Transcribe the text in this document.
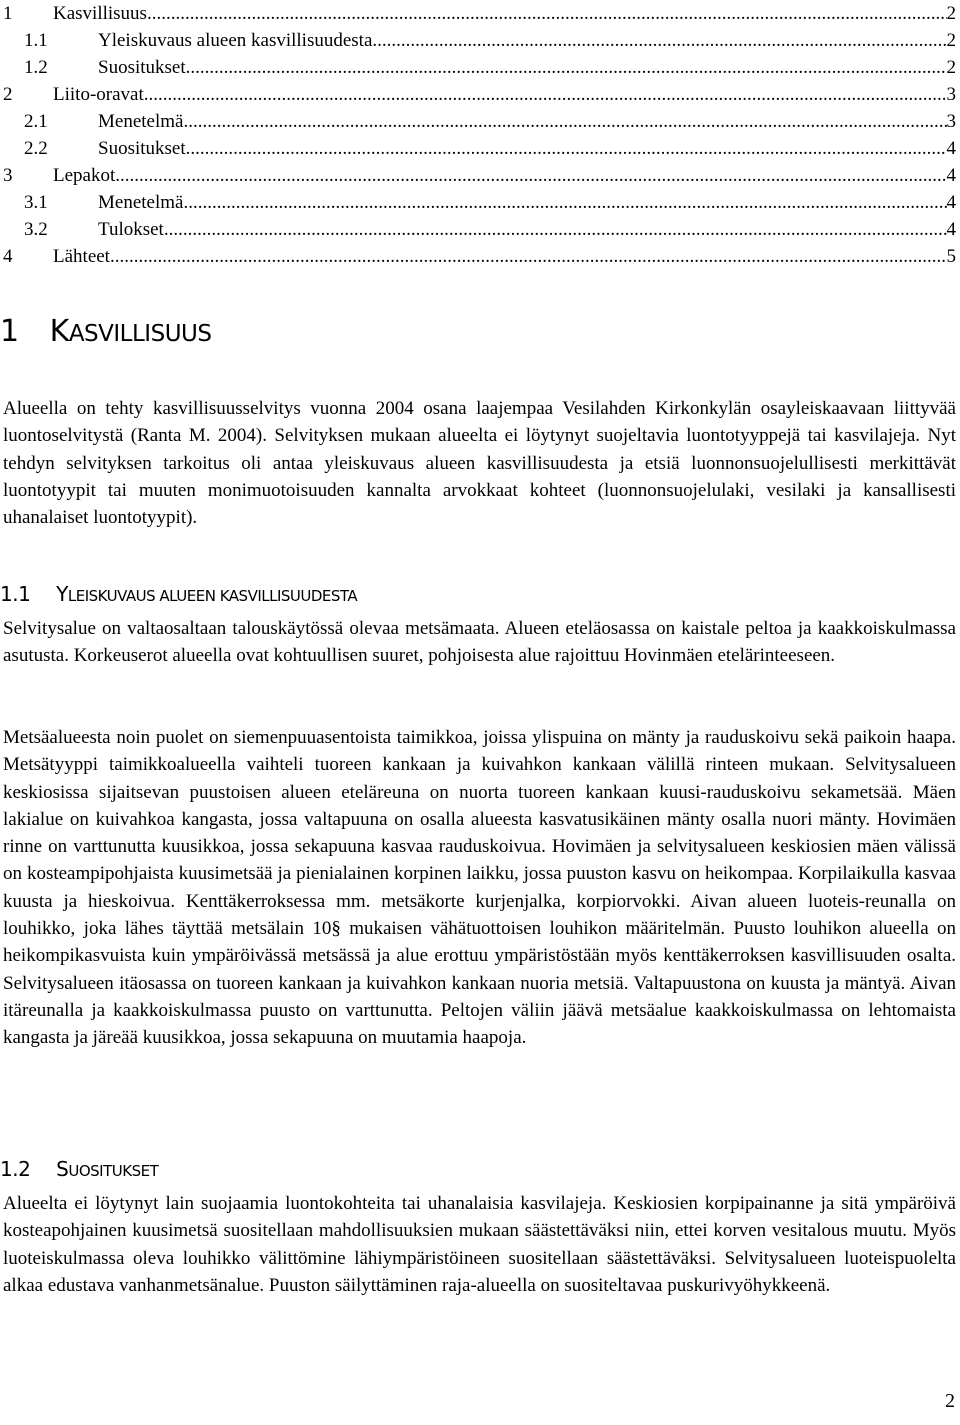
1	Kasvillisuus .....	2
1.1	Yleiskuvaus alueen kasvillisuudesta .....	2
1.2	Suositukset .....	2
2	Liito-oravat .....	3
2.1	Menetelmä .....	3
2.2	Suositukset .....	4
3	Lepakot .....	4
3.1	Menetelmä .....	4
3.2	Tulokset .....	4
4	Lähteet .....	5
1 KASVILLISUUS

Alueella on tehty kasvillisuusselvitys vuonna 2004 osana laajempaa Vesilahden Kirkonkylän osayleiskaavaan liittyvää luontoselvitystä (Ranta M. 2004). Selvityksen mukaan alueelta ei löytynyt suojeltavia luontotyyppejä tai kasvilajeja. Nyt tehdyn selvityksen tarkoitus oli antaa yleiskuvaus alueen kasvillisuudesta ja etsiä luonnonsuojelullisesti merkittävät luontotyypit tai muuten monimuotoisuuden kannalta arvokkaat kohteet (luonnonsuojelulaki, vesilaki ja kansallisesti uhanalaiset luontotyypit).

1.1 YLEISKUVAUS ALUEEN KASVILLISUUDESTA

Selvitysalue on valtaosaltaan talouskäytössä olevaa metsämaata. Alueen eteläosassa on kaistale peltoa ja kaakkoiskulmassa asutusta. Korkeuserot alueella ovat kohtuullisen suuret, pohjoisesta alue rajoittuu Hovinmäen etelärinteeseen.

Metsäalueesta noin puolet on siemenpuuasentoista taimikkoa, joissa ylispuina on mänty ja rauduskoivu sekä paikoin haapa. Metsätyyppi taimikkoalueella vaihteli tuoreen kankaan ja kuivahkon kankaan välillä rinteen mukaan. Selvitysalueen keskiosissa sijaitsevan puustoisen alueen eteläreuna on nuorta tuoreen kankaan kuusi-rauduskoivu sekametsää. Mäen lakialue on kuivahkoa kangasta, jossa valtapuuna on osalla alueesta kasvatusikäinen mänty osalla nuori mänty. Hovimäen rinne on varttunutta kuusikkoa, jossa sekapuuna kasvaa rauduskoivua. Hovimäen ja selvitysalueen keskiosien mäen välissä on kosteampipohjaista kuusimetsää ja pienialainen korpinen laikku, jossa puuston kasvu on heikompaa. Korpilaikulla kasvaa kuusta ja hieskoivua. Kenttäkerroksessa mm. metsäkorte kurjenjalka, korpiorvokki. Aivan alueen luoteis-reunalla on louhikko, joka lähes täyttää metsälain 10§ mukaisen vähätuottoisen louhikon määritelmän. Puusto louhikon alueella on heikompikasvuista kuin ympäröivässä metsässä ja alue erottuu ympäristöstään myös kenttäkerroksen kasvillisuuden osalta. Selvitysalueen itäosassa on tuoreen kankaan ja kuivahkon kankaan nuoria metsiä. Valtapuustona on kuusta ja mäntyä. Aivan itäreunalla ja kaakkoiskulmassa puusto on varttunutta. Peltojen väliin jäävä metsäalue kaakkoiskulmassa on lehtomaista kangasta ja järeää kuusikkoa, jossa sekapuuna on muutamia haapoja.

1.2 SUOSITUKSET

Alueelta ei löytynyt lain suojaamia luontokohteita tai uhanalaisia kasvilajeja. Keskiosien korpipainanne ja sitä ympäröivä kosteapohjainen kuusimetsä suositellaan mahdollisuuksien mukaan säästettäväksi niin, ettei korven vesitalous muutu. Myös luoteiskulmassa oleva louhikko välittömine lähiympäristöineen suositellaan säästettäväksi. Selvitysalueen luoteispuolelta alkaa edustava vanhanmetsänalue. Puuston säilyttäminen raja-alueella on suositeltavaa puskurivyöhykkeenä.

2
